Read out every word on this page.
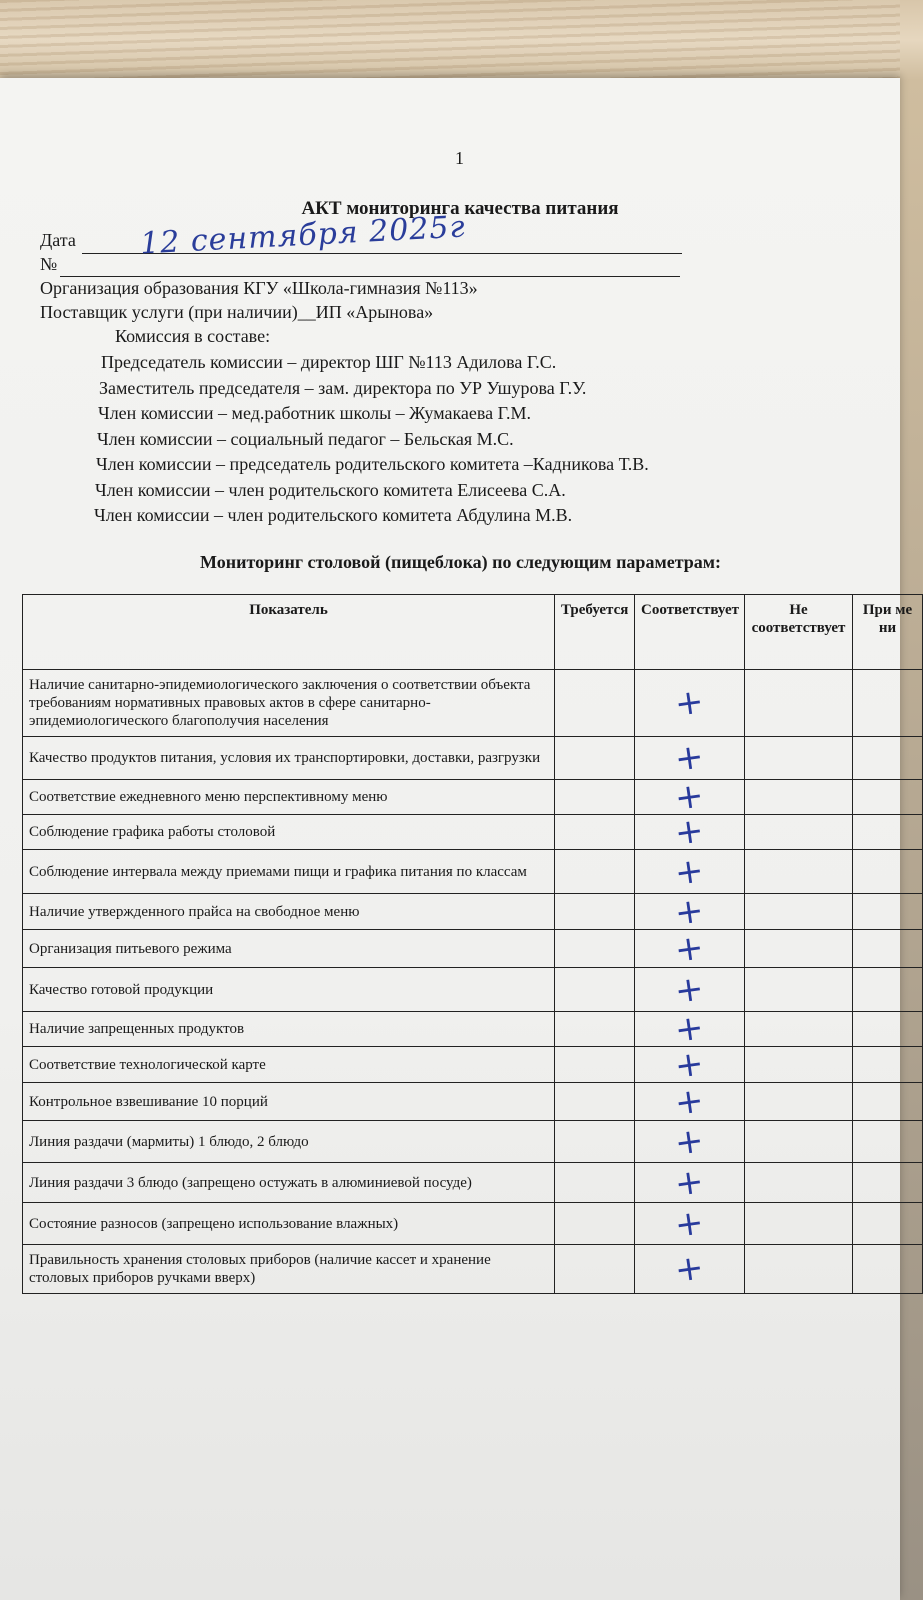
1
АКТ мониторинга качества питания
Дата 12 сентября 2025г
№
Организация образования КГУ «Школа-гимназия №113»
Поставщик услуги (при наличии)__ИП «Арынова»
Комиссия в составе:
Председатель комиссии – директор ШГ №113 Адилова Г.С.
Заместитель председателя – зам. директора по УР Ушурова Г.У.
Член комиссии – мед.работник школы – Жумакаева Г.М.
Член комиссии – социальный педагог – Бельская М.С.
Член комиссии – председатель родительского комитета –Кадникова Т.В.
Член комиссии – член родительского комитета Елисеева С.А.
Член комиссии – член родительского комитета Абдулина М.В.
Мониторинг столовой (пищеблока) по следующим параметрам:
Показатель	Требуется	Соответствует	Не соответствует	При ме ни
Наличие санитарно-эпидемиологического заключения о соответствии объекта требованиям нормативных правовых актов в сфере санитарно-эпидемиологического благополучия населения		+		
Качество продуктов питания, условия их транспортировки, доставки, разгрузки		+		
Соответствие ежедневного меню перспективному меню		+		
Соблюдение графика работы столовой		+		
Соблюдение интервала между приемами пищи и графика питания по классам		+		
Наличие утвержденного прайса на свободное меню		+		
Организация питьевого режима		+		
Качество готовой продукции		+		
Наличие запрещенных продуктов		+		
Соответствие технологической карте		+		
Контрольное взвешивание 10 порций		+		
Линия раздачи (мармиты) 1 блюдо, 2 блюдо		+		
Линия раздачи 3 блюдо (запрещено остужать в алюминиевой посуде)		+		
Состояние разносов (запрещено использование влажных)		+		
Правильность хранения столовых приборов (наличие кассет и хранение столовых приборов ручками вверх)		+		
